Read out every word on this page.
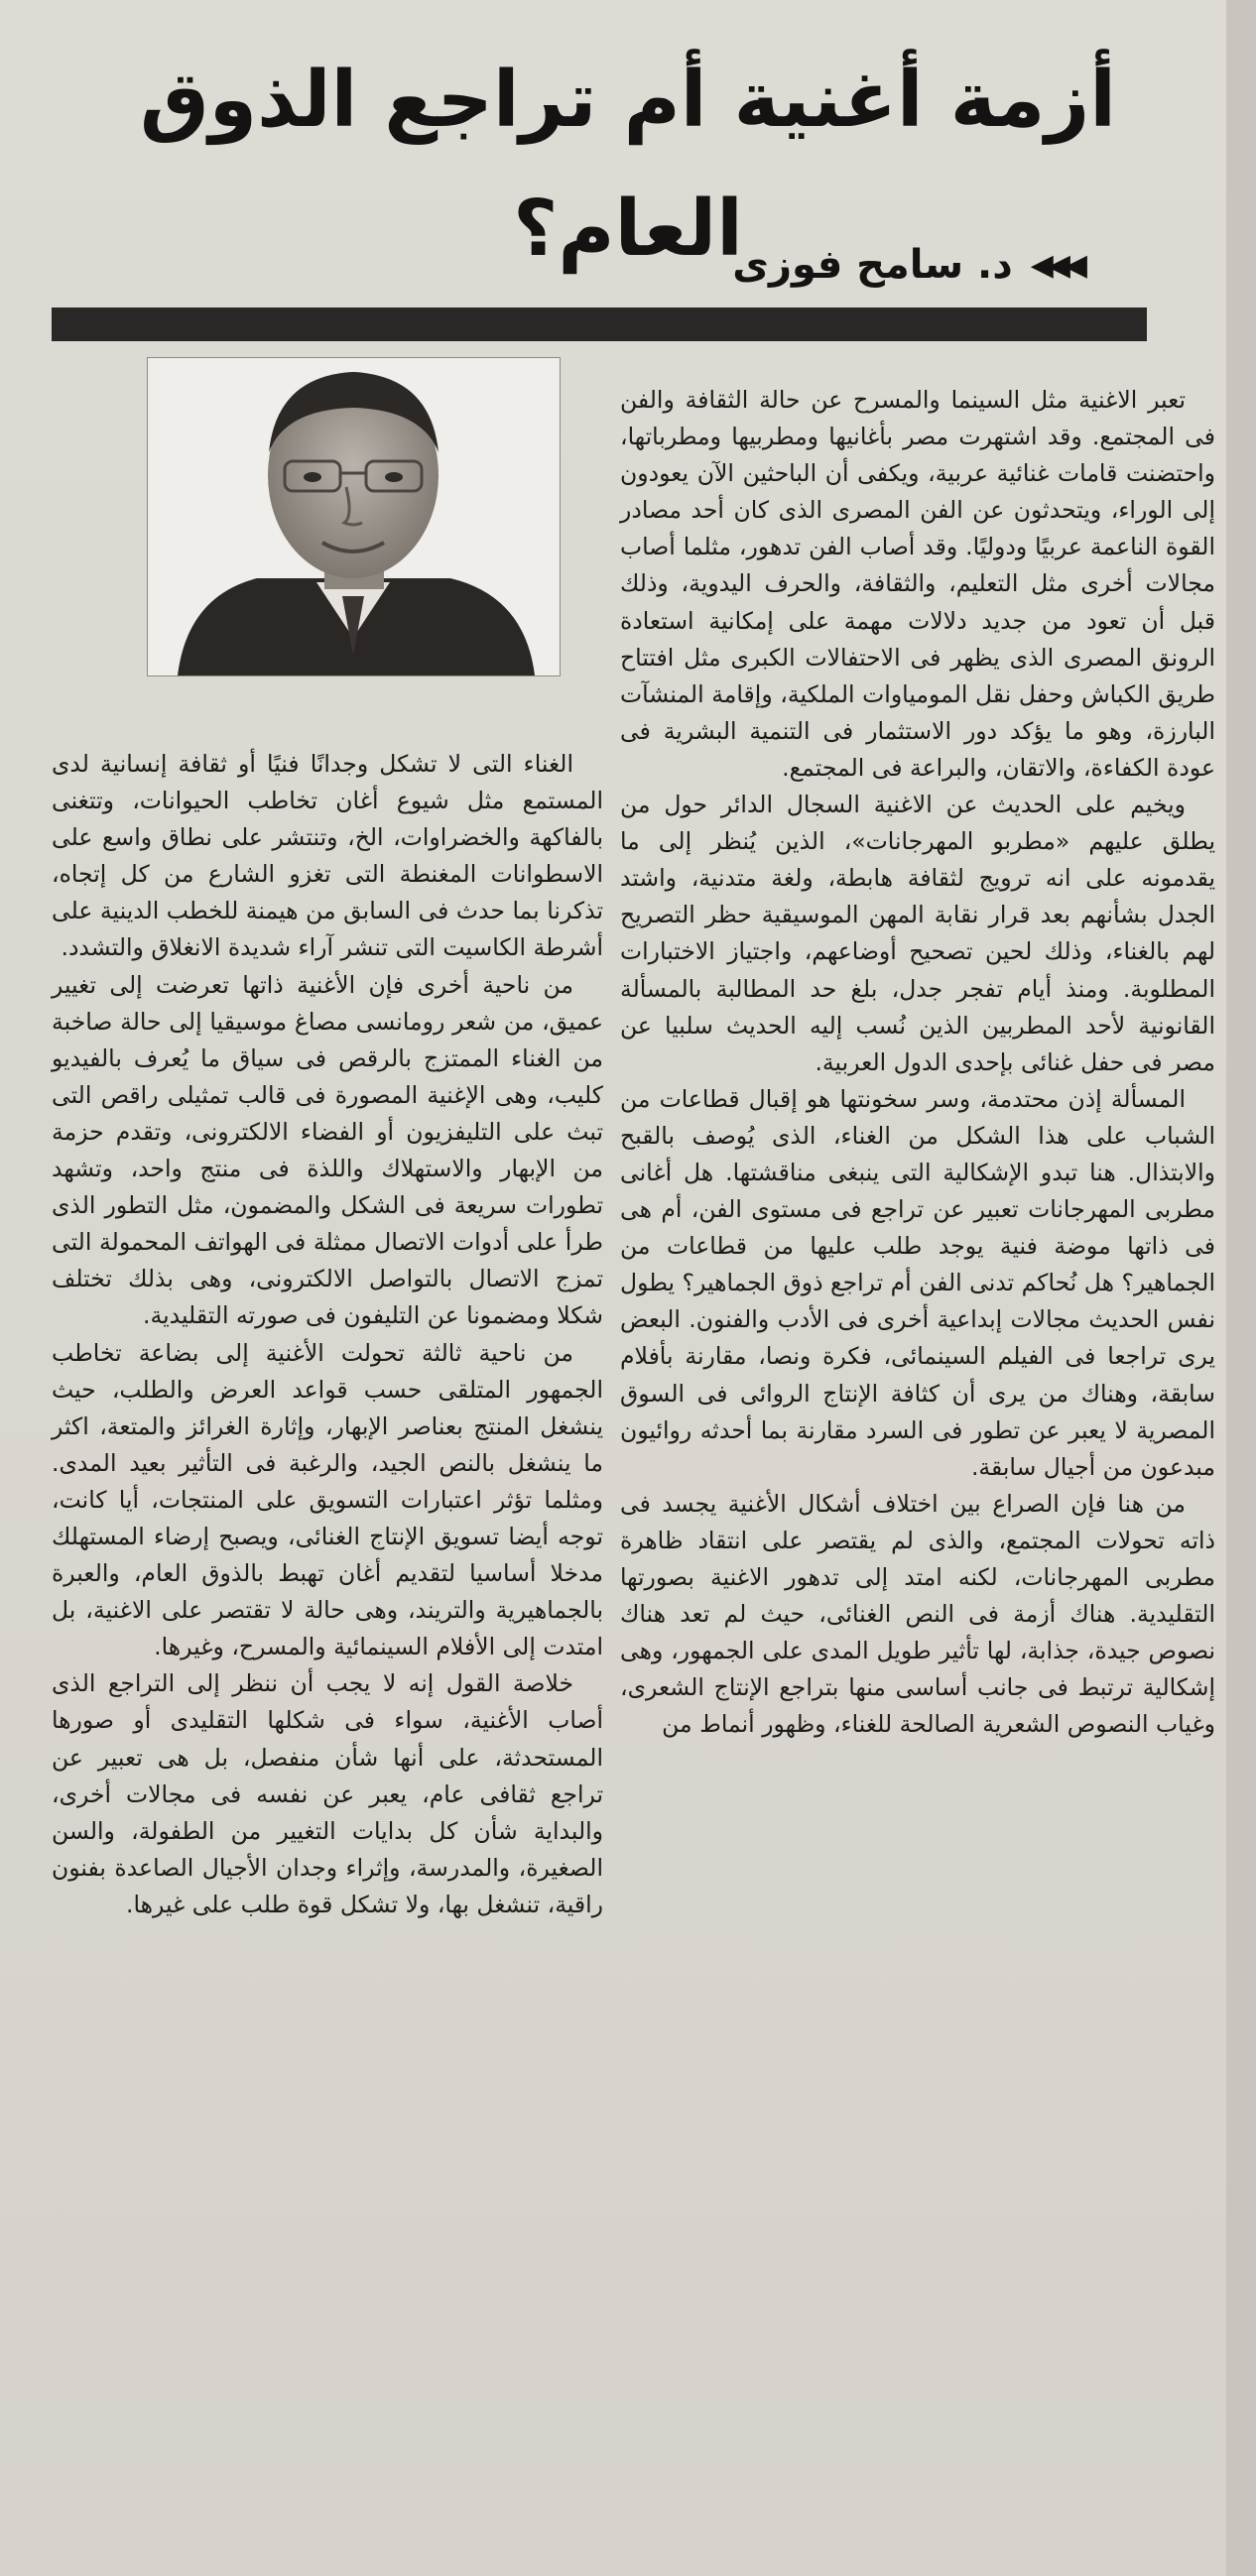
أزمة أغنية أم تراجع الذوق العام؟	◀◀◀
د. سامح فوزى

تعبر الاغنية مثل السينما والمسرح عن حالة الثقافة والفن فى المجتمع. وقد اشتهرت مصر بأغانيها ومطربيها ومطرباتها، واحتضنت قامات غنائية عربية، ويكفى أن الباحثين الآن يعودون إلى الوراء، ويتحدثون عن الفن المصرى الذى كان أحد مصادر القوة الناعمة عربيًا ودوليًا. وقد أصاب الفن تدهور، مثلما أصاب مجالات أخرى مثل التعليم، والثقافة، والحرف اليدوية، وذلك قبل أن تعود من جديد دلالات مهمة على إمكانية استعادة الرونق المصرى الذى يظهر فى الاحتفالات الكبرى مثل افتتاح طريق الكباش وحفل نقل المومياوات الملكية، وإقامة المنشآت البارزة، وهو ما يؤكد دور الاستثمار فى التنمية البشرية فى عودة الكفاءة، والاتقان، والبراعة فى المجتمع.

ويخيم على الحديث عن الاغنية السجال الدائر حول من يطلق عليهم «مطربو المهرجانات»، الذين يُنظر إلى ما يقدمونه على انه ترويج لثقافة هابطة، ولغة متدنية، واشتد الجدل بشأنهم بعد قرار نقابة المهن الموسيقية حظر التصريح لهم بالغناء، وذلك لحين تصحيح أوضاعهم، واجتياز الاختبارات المطلوبة. ومنذ أيام تفجر جدل، بلغ حد المطالبة بالمسألة القانونية لأحد المطربين الذين نُسب إليه الحديث سلبيا عن مصر فى حفل غنائى بإحدى الدول العربية.

المسألة إذن محتدمة، وسر سخونتها هو إقبال قطاعات من الشباب على هذا الشكل من الغناء، الذى يُوصف بالقبح والابتذال. هنا تبدو الإشكالية التى ينبغى مناقشتها. هل أغانى مطربى المهرجانات تعبير عن تراجع فى مستوى الفن، أم هى فى ذاتها موضة فنية يوجد طلب عليها من قطاعات من الجماهير؟ هل نُحاكم تدنى الفن أم تراجع ذوق الجماهير؟ يطول نفس الحديث مجالات إبداعية أخرى فى الأدب والفنون. البعض يرى تراجعا فى الفيلم السينمائى، فكرة ونصا، مقارنة بأفلام سابقة، وهناك من يرى أن كثافة الإنتاج الروائى فى السوق المصرية لا يعبر عن تطور فى السرد مقارنة بما أحدثه روائيون مبدعون من أجيال سابقة.

من هنا فإن الصراع بين اختلاف أشكال الأغنية يجسد فى ذاته تحولات المجتمع، والذى لم يقتصر على انتقاد ظاهرة مطربى المهرجانات، لكنه امتد إلى تدهور الاغنية بصورتها التقليدية. هناك أزمة فى النص الغنائى، حيث لم تعد هناك نصوص جيدة، جذابة، لها تأثير طويل المدى على الجمهور، وهى إشكالية ترتبط فى جانب أساسى منها بتراجع الإنتاج الشعرى، وغياب النصوص الشعرية الصالحة للغناء، وظهور أنماط من

الغناء التى لا تشكل وجدانًا فنيًا أو ثقافة إنسانية لدى المستمع مثل شيوع أغان تخاطب الحيوانات، وتتغنى بالفاكهة والخضراوات، الخ، وتنتشر على نطاق واسع على الاسطوانات المغنطة التى تغزو الشارع من كل إتجاه، تذكرنا بما حدث فى السابق من هيمنة للخطب الدينية على أشرطة الكاسيت التى تنشر آراء شديدة الانغلاق والتشدد.

من ناحية أخرى فإن الأغنية ذاتها تعرضت إلى تغيير عميق، من شعر رومانسى مصاغ موسيقيا إلى حالة صاخبة من الغناء الممتزج بالرقص فى سياق ما يُعرف بالفيديو كليب، وهى الإغنية المصورة فى قالب تمثيلى راقص التى تبث على التليفزيون أو الفضاء الالكترونى، وتقدم حزمة من الإبهار والاستهلاك واللذة فى منتج واحد، وتشهد تطورات سريعة فى الشكل والمضمون، مثل التطور الذى طرأ على أدوات الاتصال ممثلة فى الهواتف المحمولة التى تمزج الاتصال بالتواصل الالكترونى، وهى بذلك تختلف شكلا ومضمونا عن التليفون فى صورته التقليدية.

من ناحية ثالثة تحولت الأغنية إلى بضاعة تخاطب الجمهور المتلقى حسب قواعد العرض والطلب، حيث ينشغل المنتج بعناصر الإبهار، وإثارة الغرائز والمتعة، اكثر ما ينشغل بالنص الجيد، والرغبة فى التأثير بعيد المدى. ومثلما تؤثر اعتبارات التسويق على المنتجات، أيا كانت، توجه أيضا تسويق الإنتاج الغنائى، ويصبح إرضاء المستهلك مدخلا أساسيا لتقديم أغان تهبط بالذوق العام، والعبرة بالجماهيرية والتريند، وهى حالة لا تقتصر على الاغنية، بل امتدت إلى الأفلام السينمائية والمسرح، وغيرها.

خلاصة القول إنه لا يجب أن ننظر إلى التراجع الذى أصاب الأغنية، سواء فى شكلها التقليدى أو صورها المستحدثة، على أنها شأن منفصل، بل هى تعبير عن تراجع ثقافى عام، يعبر عن نفسه فى مجالات أخرى، والبداية شأن كل بدايات التغيير من الطفولة، والسن الصغيرة، والمدرسة، وإثراء وجدان الأجيال الصاعدة بفنون راقية، تنشغل بها، ولا تشكل قوة طلب على غيرها.
